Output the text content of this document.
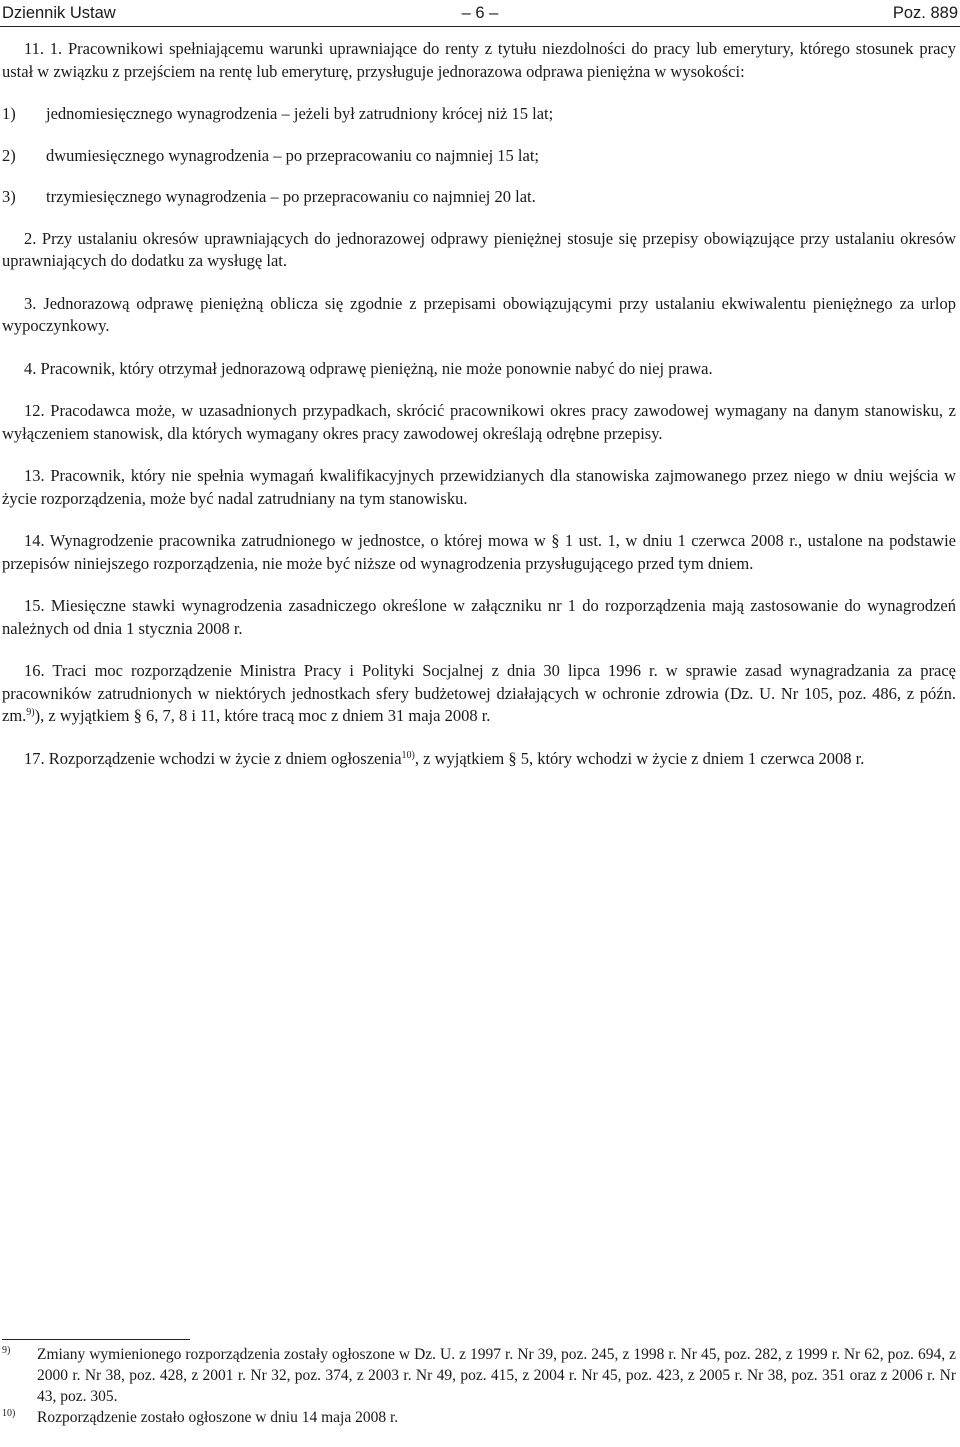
Dziennik Ustaw	– 6 –	Poz. 889

11. 1. Pracownikowi spełniającemu warunki uprawniające do renty z tytułu niezdolności do pracy lub emerytury, którego stosunek pracy ustał w związku z przejściem na rentę lub emeryturę, przysługuje jednorazowa odprawa pieniężna w wysokości:

1) jednomiesięcznego wynagrodzenia – jeżeli był zatrudniony krócej niż 15 lat;

2) dwumiesięcznego wynagrodzenia – po przepracowaniu co najmniej 15 lat;

3) trzymiesięcznego wynagrodzenia – po przepracowaniu co najmniej 20 lat.

2. Przy ustalaniu okresów uprawniających do jednorazowej odprawy pieniężnej stosuje się przepisy obowiązujące przy ustalaniu okresów uprawniających do dodatku za wysługę lat.

3. Jednorazową odprawę pieniężną oblicza się zgodnie z przepisami obowiązującymi przy ustalaniu ekwiwalentu pieniężnego za urlop wypoczynkowy.

4. Pracownik, który otrzymał jednorazową odprawę pieniężną, nie może ponownie nabyć do niej prawa.

12. Pracodawca może, w uzasadnionych przypadkach, skrócić pracownikowi okres pracy zawodowej wymagany na danym stanowisku, z wyłączeniem stanowisk, dla których wymagany okres pracy zawodowej określają odrębne przepisy.

13. Pracownik, który nie spełnia wymagań kwalifikacyjnych przewidzianych dla stanowiska zajmowanego przez niego w dniu wejścia w życie rozporządzenia, może być nadal zatrudniany na tym stanowisku.

14. Wynagrodzenie pracownika zatrudnionego w jednostce, o której mowa w § 1 ust. 1, w dniu 1 czerwca 2008 r., ustalone na podstawie przepisów niniejszego rozporządzenia, nie może być niższe od wynagrodzenia przysługującego przed tym dniem.

15. Miesięczne stawki wynagrodzenia zasadniczego określone w załączniku nr 1 do rozporządzenia mają zastosowanie do wynagrodzeń należnych od dnia 1 stycznia 2008 r.

16. Traci moc rozporządzenie Ministra Pracy i Polityki Socjalnej z dnia 30 lipca 1996 r. w sprawie zasad wynagradzania za pracę pracowników zatrudnionych w niektórych jednostkach sfery budżetowej działających w ochronie zdrowia (Dz. U. Nr 105, poz. 486, z późn. zm.$^{9)}$), z wyjątkiem § 6, 7, 8 i 11, które tracą moc z dniem 31 maja 2008 r.

17. Rozporządzenie wchodzi w życie z dniem ogłoszenia$^{10)}$, z wyjątkiem § 5, który wchodzi w życie z dniem 1 czerwca 2008 r.

9) Zmiany wymienionego rozporządzenia zostały ogłoszone w Dz. U. z 1997 r. Nr 39, poz. 245, z 1998 r. Nr 45, poz. 282, z 1999 r. Nr 62, poz. 694, z 2000 r. Nr 38, poz. 428, z 2001 r. Nr 32, poz. 374, z 2003 r. Nr 49, poz. 415, z 2004 r. Nr 45, poz. 423, z 2005 r. Nr 38, poz. 351 oraz z 2006 r. Nr 43, poz. 305.
10) Rozporządzenie zostało ogłoszone w dniu 14 maja 2008 r.
